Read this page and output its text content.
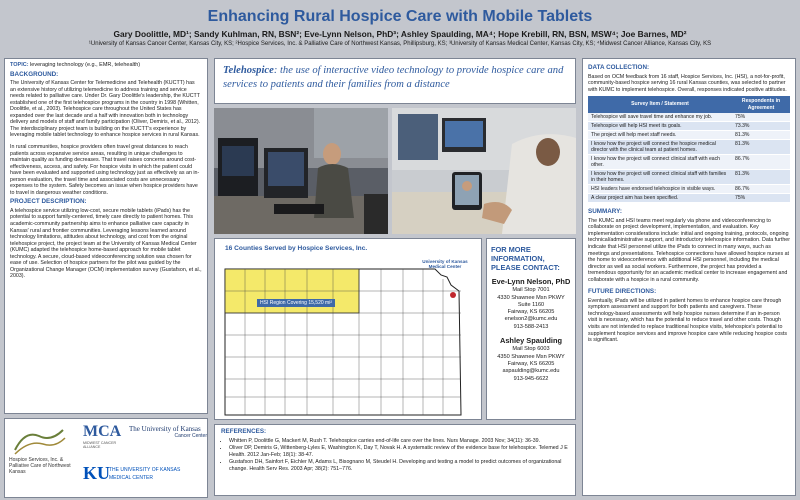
Enhancing Rural Hospice Care with Mobile Tablets
Gary Doolittle, MD¹; Sandy Kuhlman, RN, BSN²; Eve-Lynn Nelson, PhD³; Ashley Spaulding, MA⁴; Hope Krebill, RN, BSN, MSW⁴; Joe Barnes, MD²
¹University of Kansas Cancer Center, Kansas City, KS; ²Hospice Services, Inc. & Palliative Care of Northwest Kansas, Phillipsburg, KS; ³University of Kansas Medical Center, Kansas City, KS; ⁴Midwest Cancer Alliance, Kansas City, KS
TOPIC: leveraging technology (e.g., EMR, telehealth)
BACKGROUND:

The University of Kansas Center for Telemedicine and Telehealth (KUCTT) has an extensive history of utilizing telemedicine to address training and service needs related to palliative care. Under Dr. Gary Doolittle's leadership, the KUCTT established one of the first telehospice programs in the country in 1998 (Whitten, Doolittle, et al., 2003). Telehospice care throughout the United States has expanded over the last decade and a half with innovation both in technology delivery and models of staff and family participation (Oliver, Demiris, et al., 2012). The interdisciplinary project team is building on the KUCTT's experience by leveraging mobile tablet technology to enhance hospice services in rural Kansas.

In rural communities, hospice providers often travel great distances to reach patients across expansive service areas, resulting in unique challenges to maintain quality as funding decreases. That travel raises concerns around cost-effectiveness, access, and safety. For hospice visits in which the patient could have been evaluated and supported using technology just as effectively as an in-person evaluation, the travel time and associated costs are unnecessary expenses to the system. Safety becomes an issue when hospice providers have to travel in dangerous weather conditions.

PROJECT DESCRIPTION:

A telehospice service utilizing low-cost, secure mobile tablets (iPads) has the potential to support family-centered, timely care directly to patient homes. This academic-community partnership aims to enhance palliative care capacity in Kansas' rural and frontier communities. Leveraging lessons learned around technology limitations, attitudes about technology, and cost from the original telehospice project, the project team at the University of Kansas Medical Center (KUMC) adapted the telehospice home-based approach for mobile tablet technology. A secure, cloud-based videoconferencing solution was chosen for ease of use. Selection of hospice partners for the pilot was guided by the Organizational Change Manager (OCM) implementation survey (Gustafson, et al., 2003).

Hospice Services, Inc. & Palliative Care of Northwest Kansas
MCA
MIDWEST CANCER ALLIANCE
The University of Kansas
Cancer Center
KU THE UNIVERSITY OF KANSAS
MEDICAL CENTER
Telehospice: the use of interactive video technology to provide hospice care and services to patients and their families from a distance
16 Counties Served by Hospice Services, Inc.
HSI Region Covering 15,520 mi²
University of Kansas Medical Center
FOR MORE INFORMATION, PLEASE CONTACT:
Eve-Lynn Nelson, PhD
Mail Stop 7001
4330 Shawnee Msn PKWY
Suite 1160
Fairway, KS 66205
enelson2@kumc.edu
913-588-2413
Ashley Spaulding
Mail Stop 6003
4350 Shawnee Msn PKWY
Fairway, KS 66205
aspaulding@kumc.edu
913-945-6622
REFERENCES:
• Whitten P, Doolittle G, Mackert M, Rush T. Telehospice carries end-of-life care over the lines. Nurs Manage. 2003 Nov; 34(11): 36-39.
• Oliver DP, Demiris G, Wittenberg-Lyles E, Washington K, Day T, Novak H. A systematic review of the evidence base for telehospice. Telemed J E Health. 2012 Jan-Feb; 18(1): 38-47.
• Gustafson DH, Sainfort F, Eichler M, Adams L, Bisognano M, Steudel H. Developing and testing a model to predict outcomes of organizational change. Health Serv Res. 2003 Apr; 38(2): 751–776.
DATA COLLECTION:

Based on OCM feedback from 16 staff, Hospice Services, Inc. (HSI), a not-for-profit, community-based hospice serving 16 rural Kansas counties, was selected to partner with KUMC to implement telehospice. Overall, responses indicated positive attitudes.

Survey Item / Statement	Respondents in Agreement
Telehospice will save travel time and enhance my job.	75%
Telehospice will help HSI meet its goals.	73.3%
The project will help meet staff needs.	81.3%
I know how the project will connect the hospice medical director with the clinical team at patient homes.	81.3%
I know how the project will connect clinical staff with each other.	86.7%
I know how the project will connect clinical staff with families in their homes.	81.3%
HSI leaders have endorsed telehospice in visible ways.	86.7%
A clear project aim has been specified.	75%
SUMMARY:

The KUMC and HSI teams meet regularly via phone and videoconferencing to collaborate on project development, implementation, and evaluation. Key implementation considerations include: initial and ongoing training, protocols, ongoing technical/administrative support, and introductory telehospice information. Data further indicate that HSI personnel utilize the iPads to connect in many ways, such as meetings and presentations. Telehospice connections have allowed hospice nurses at the home to videoconference with additional HSI personnel, including the medical director as well as social workers. Furthermore, the project has provided a tremendous opportunity for an academic medical center to increase engagement and collaborate with a hospice in a rural community.

FUTURE DIRECTIONS:

Eventually, iPads will be utilized in patient homes to enhance hospice care through symptom assessment and support for both patients and caregivers. These technology-based assessments will help hospice nurses determine if an in-person visit is necessary, which has the potential to reduce travel and other costs. Though visits are not intended to replace traditional hospice visits, telehospice's potential to supplement hospice services and improve hospice care while reducing hospice costs is significant.
